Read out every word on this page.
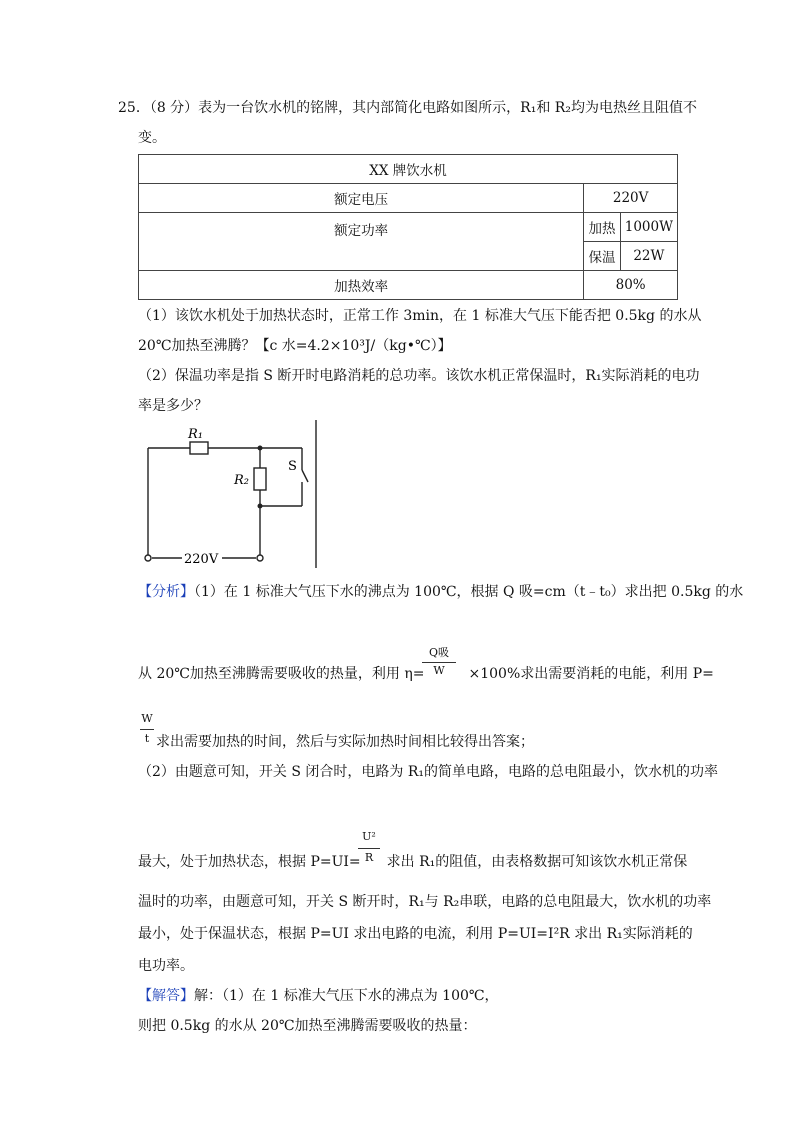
25．（8 分）表为一台饮水机的铭牌，其内部简化电路如图所示，R₁和 R₂均为电热丝且阻值不
变。
XX 牌饮水机		
额定电压	220V	
额定功率	加热	1000W
	保温	22W
加热效率	80%	
（1）该饮水机处于加热状态时，正常工作 3min，在 1 标准大气压下能否把 0.5kg 的水从
20℃加热至沸腾？【c 水=4.2×10³J/（kg•℃）】
（2）保温功率是指 S 断开时电路消耗的总功率。该饮水机正常保温时，R₁实际消耗的电功
率是多少？
R₁
R₂
S
220V
【分析】（1）在 1 标准大气压下水的沸点为 100℃，根据 Q 吸=cm（t﹣t₀）求出把 0.5kg 的水
从 20℃加热至沸腾需要吸收的热量，利用 η=	×100%求出需要消耗的电能，利用 P=
Q吸
W
W
t 求出需要加热的时间，然后与实际加热时间相比较得出答案；
（2）由题意可知，开关 S 闭合时，电路为 R₁的简单电路，电路的总电阻最小，饮水机的功率
最大，处于加热状态，根据 P=UI= 求出 R₁的阻值，由表格数据可知该饮水机正常保
U²
R
温时的功率，由题意可知，开关 S 断开时，R₁与 R₂串联，电路的总电阻最大，饮水机的功率
最小，处于保温状态，根据 P=UI 求出电路的电流，利用 P=UI=I²R 求出 R₁实际消耗的
电功率。
【解答】解：（1）在 1 标准大气压下水的沸点为 100℃，
则把 0.5kg 的水从 20℃加热至沸腾需要吸收的热量：
